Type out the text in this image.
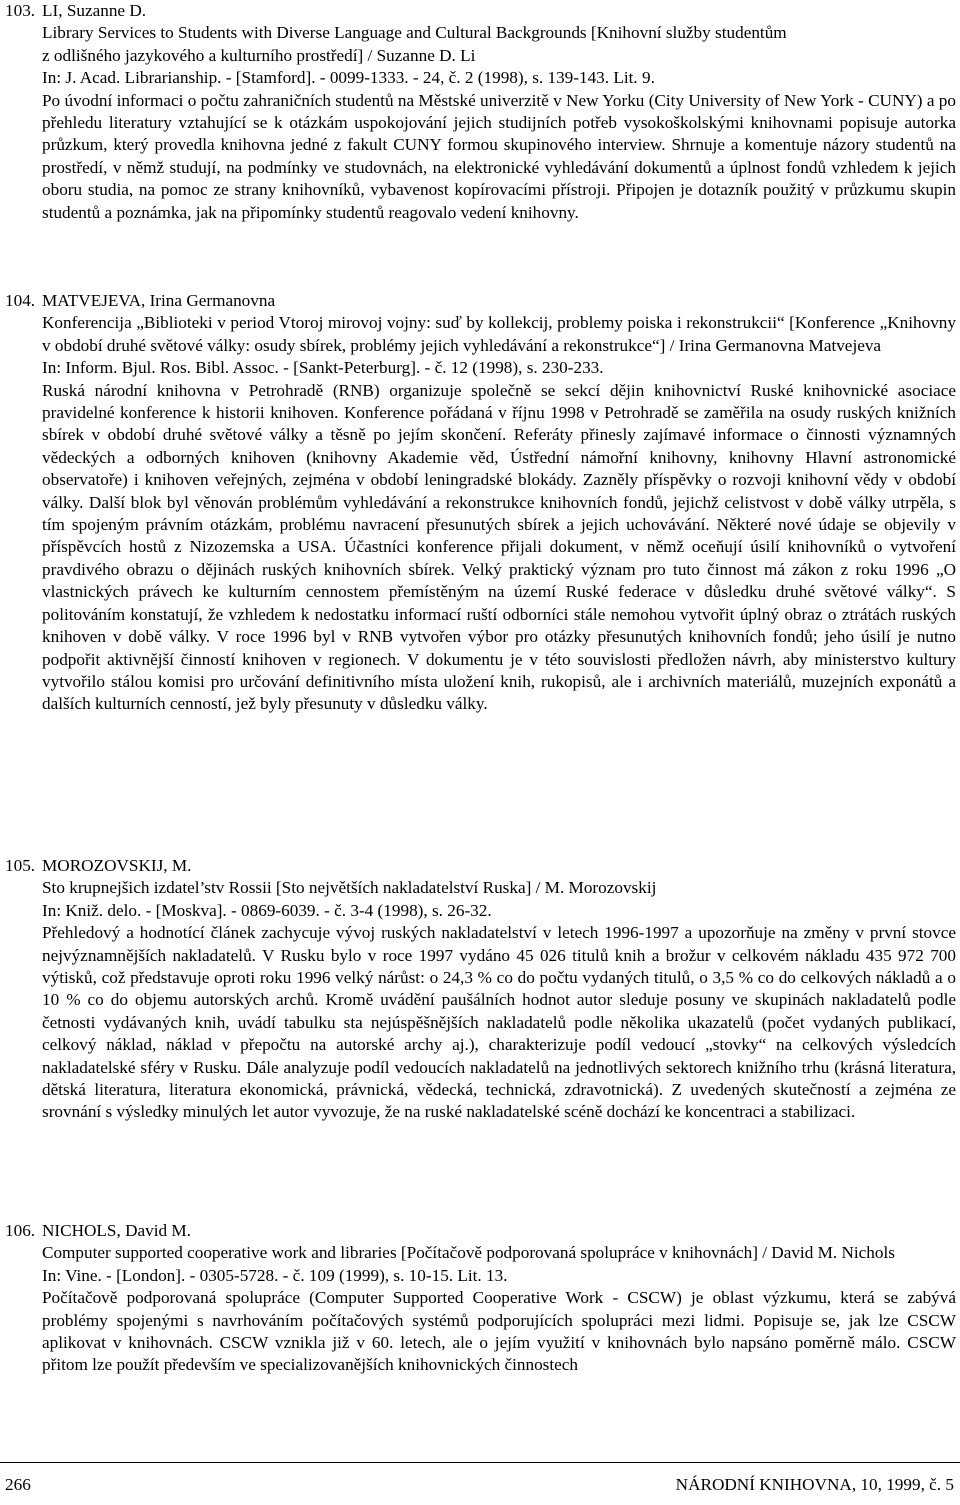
103. LI, Suzanne D.
Library Services to Students with Diverse Language and Cultural Backgrounds [Knihovní služby studentům
z odlišného jazykového a kulturního prostředí] / Suzanne D. Li
In: J. Acad. Librarianship. - [Stamford]. - 0099-1333. - 24, č. 2 (1998), s. 139-143. Lit. 9.
Po úvodní informaci o počtu zahraničních studentů na Městské univerzitě v New Yorku (City University of New York - CUNY) a po přehledu literatury vztahující se k otázkám uspokojování jejich studijních potřeb vysokoškolskými knihovnami popisuje autorka průzkum, který provedla knihovna jedné z fakult CUNY formou skupinového interview. Shrnuje a komentuje názory studentů na prostředí, v němž studují, na podmínky ve studovnách, na elektronické vyhledávání dokumentů a úplnost fondů vzhledem k jejich oboru studia, na pomoc ze strany knihovníků, vybavenost kopírovacími přístroji. Připojen je dotazník použitý v průzkumu skupin studentů a poznámka, jak na připomínky studentů reagovalo vedení knihovny.
104. MATVEJEVA, Irina Germanovna
Konferencija „Biblioteki v period Vtoroj mirovoj vojny: suď by kollekcij, problemy poiska i rekonstrukcii“ [Konference „Knihovny v období druhé světové války: osudy sbírek, problémy jejich vyhledávání a rekonstrukce“] / Irina Germanovna Matvejeva
In: Inform. Bjul. Ros. Bibl. Assoc. - [Sankt-Peterburg]. - č. 12 (1998), s. 230-233.
Ruská národní knihovna v Petrohradě (RNB) organizuje společně se sekcí dějin knihovnictví Ruské knihovnické asociace pravidelné konference k historii knihoven. Konference pořádaná v říjnu 1998 v Petrohradě se zaměřila na osudy ruských knižních sbírek v období druhé světové války a těsně po jejím skončení. Referáty přinesly zajímavé informace o činnosti významných vědeckých a odborných knihoven (knihovny Akademie věd, Ústřední námořní knihovny, knihovny Hlavní astronomické observatoře) i knihoven veřejných, zejména v období leningradské blokády. Zazněly příspěvky o rozvoji knihovní vědy v období války. Další blok byl věnován problémům vyhledávání a rekonstrukce knihovních fondů, jejichž celistvost v době války utrpěla, s tím spojeným právním otázkám, problému navracení přesunutých sbírek a jejich uchovávání. Některé nové údaje se objevily v příspěvcích hostů z Nizozemska a USA. Účastníci konference přijali dokument, v němž oceňují úsilí knihovníků o vytvoření pravdivého obrazu o dějinách ruských knihovních sbírek. Velký praktický význam pro tuto činnost má zákon z roku 1996 „O vlastnických právech ke kulturním cennostem přemístěným na území Ruské federace v důsledku druhé světové války“. S politováním konstatují, že vzhledem k nedostatku informací ruští odborníci stále nemohou vytvořit úplný obraz o ztrátách ruských knihoven v době války. V roce 1996 byl v RNB vytvořen výbor pro otázky přesunutých knihovních fondů; jeho úsilí je nutno podpořit aktivnější činností knihoven v regionech. V dokumentu je v této souvislosti předložen návrh, aby ministerstvo kultury vytvořilo stálou komisi pro určování definitivního místa uložení knih, rukopisů, ale i archivních materiálů, muzejních exponátů a dalších kulturních cenností, jež byly přesunuty v důsledku války.
105. MOROZOVSKIJ, M.
Sto krupnejšich izdatel’stv Rossii [Sto největších nakladatelství Ruska] / M. Morozovskij
In: Kniž. delo. - [Moskva]. - 0869-6039. - č. 3-4 (1998), s. 26-32.
Přehledový a hodnotící článek zachycuje vývoj ruských nakladatelství v letech 1996-1997 a upozorňuje na změny v první stovce nejvýznamnějších nakladatelů. V Rusku bylo v roce 1997 vydáno 45 026 titulů knih a brožur v celkovém nákladu 435 972 700 výtisků, což představuje oproti roku 1996 velký nárůst: o 24,3 % co do počtu vydaných titulů, o 3,5 % co do celkových nákladů a o 10 % co do objemu autorských archů. Kromě uvádění paušálních hodnot autor sleduje posuny ve skupinách nakladatelů podle četnosti vydávaných knih, uvádí tabulku sta nejúspěšnějších nakladatelů podle několika ukazatelů (počet vydaných publikací, celkový náklad, náklad v přepočtu na autorské archy aj.), charakterizuje podíl vedoucí „stovky“ na celkových výsledcích nakladatelské sféry v Rusku. Dále analyzuje podíl vedoucích nakladatelů na jednotlivých sektorech knižního trhu (krásná literatura, dětská literatura, literatura ekonomická, právnická, vědecká, technická, zdravotnická). Z uvedených skutečností a zejména ze srovnání s výsledky minulých let autor vyvozuje, že na ruské nakladatelské scéně dochází ke koncentraci a stabilizaci.
106. NICHOLS, David M.
Computer supported cooperative work and libraries [Počítačově podporovaná spolupráce v knihovnách] / David M. Nichols
In: Vine. - [London]. - 0305-5728. - č. 109 (1999), s. 10-15. Lit. 13.
Počítačově podporovaná spolupráce (Computer Supported Cooperative Work - CSCW) je oblast výzkumu, která se zabývá problémy spojenými s navrhováním počítačových systémů podporujících spolupráci mezi lidmi. Popisuje se, jak lze CSCW aplikovat v knihovnách. CSCW vznikla již v 60. letech, ale o jejím využití v knihovnách bylo napsáno poměrně málo. CSCW přitom lze použít především ve specializovanějších knihovnických činnostech
266	NÁRODNÍ KNIHOVNA, 10, 1999, č. 5
